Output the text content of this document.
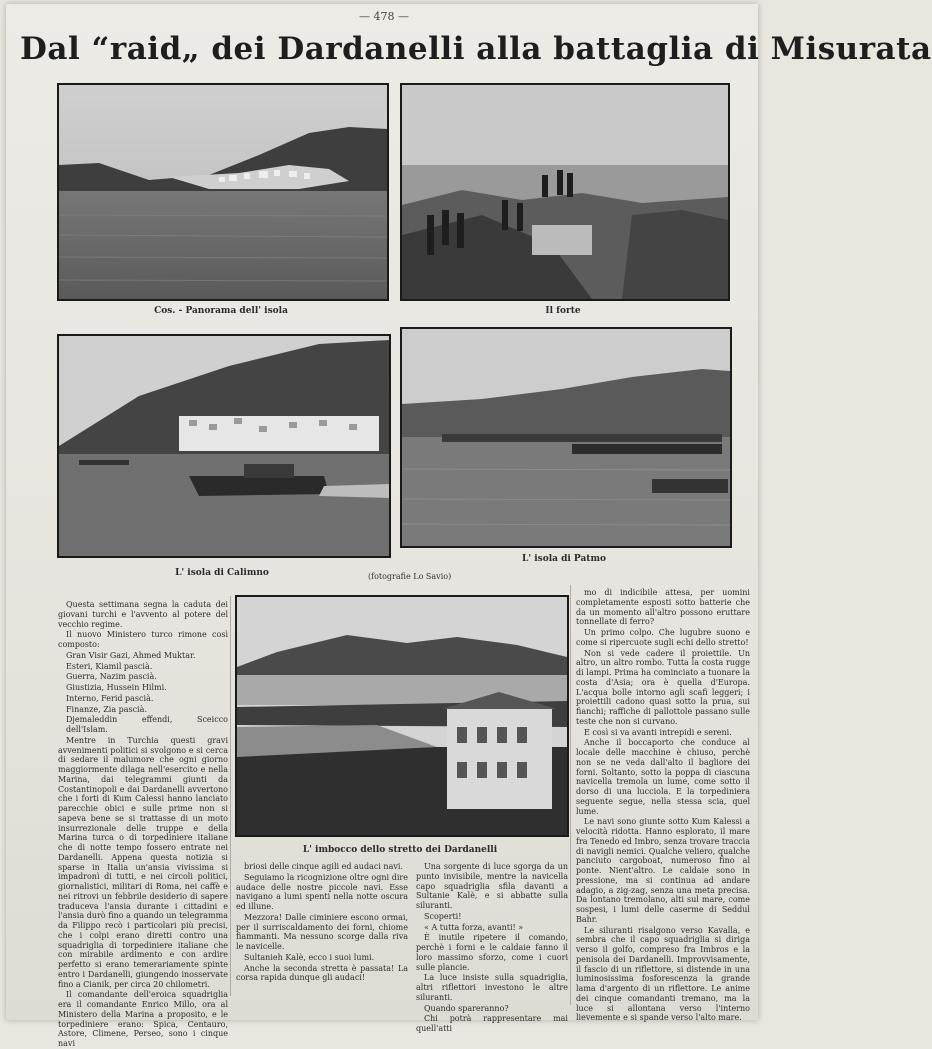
— 478 —
Dal “raid„ dei Dardanelli alla battaglia di Misurata
Cos. - Panorama dell' isola	Il forte
L' isola di Calimno
L' isola di Patmo
(fotografie Lo Savio)
L' imbocco dello stretto dei Dardanelli

Questa settimana segna la caduta dei giovani turchi e l'avvento al potere del vecchio regime.

Il nuovo Ministero turco rimone così composto:

Gran Visir Gazi, Ahmed Muktar.

Esteri, Kiamil pascià.

Guerra, Nazim pascià.

Giustizia, Hussein Hilmi.

Interno, Ferid pascià.

Finanze, Zia pascià.

Djemaleddin effendi, Sceicco dell'Islam.

Mentre in Turchia questi gravi avvenimenti politici si svolgono e si cerca di sedare il malumore che ogni giorno maggiormente dilaga nell'esercito e nella Marina, dai telegrammi giunti da Costantinopoli e dai Dardanelli avvertono che i forti di Kum Calessi hanno lanciato parecchie obici e sulle prime non si sapeva bene se si trattasse di un moto insurrezionale delle truppe e della Marina turca o di torpediniere italiane che di notte tempo fossero entrate nei Dardanelli. Appena questa notizia si sparse in Italia un'ansia vivissima si impadronì di tutti, e nei circoli politici, giornalistici, militari di Roma, nei caffè e nei ritrovi un febbrile desiderio di sapere traduceva l'ansia durante i cittadini e l'ansia durò fino a quando un telegramma da Filippo recò i particolari più precisi, che i colpi erano diretti contro una squadriglia di torpediniere italiane che con mirabile ardimento e con ardire perfetto si erano temerariamente spinte entro i Dardanelli, giungendo inosservate fino a Cianik, per circa 20 chilometri.

Il comandante dell'eroica squadriglia era il comandante Enrico Millo, ora al Ministero della Marina a proposito, e le torpediniere erano: Spica, Centauro, Astore, Climene, Perseo, sono i cinque navi

briosi delle cinque agili ed audaci navi.

Seguiamo la ricognizione oltre ogni dire audace delle nostre piccole navi. Esse navigano a lumi spenti nella notte oscura ed illune.

Mezzora! Dalle ciminiere escono ormai, per il surriscaldamento dei forni, chiome fiammanti. Ma nessuno scorge dalla riva le navicelle.

Sultanieh Kalè, ecco i suoi lumi.

Anche la seconda stretta è passata! La corsa rapida dunque gli audaci!

Una sorgente di luce sgorga da un punto invisibile, mentre la navicella capo squadriglia sfila davanti a Sultanie Kalè, e si abbatte sulla siluranti.

Scoperti!

« A tutta forza, avanti! »

È inutile ripetere il comando, perchè i forni e le caldaie fanno il loro massimo sforzo, come i cuori sulle plancie.

La luce insiste sulla squadriglia, altri riflettori investono le altre siluranti.

Quando spareranno?

Chi potrà rappresentare mai quell'atti

mo di indicibile attesa, per uomini completamente esposti sotto batterie che da un momento all'altro possono eruttare tonnellate di ferro?

Un primo colpo. Che lugubre suono e come si ripercuote sugli echi dello stretto!

Non si vede cadere il proiettile. Un altro, un altro rombo. Tutta la costa rugge di lampi. Prima ha cominciato a tuonare la costa d'Asia; ora è quella d'Europa. L'acqua bolle intorno agli scafi leggeri; i proiettili cadono quasi sotto la prua, sui fianchi; raffiche di pallottole passano sulle teste che non si curvano.

E così si va avanti intrepidi e sereni.

Anche il boccaporto che conduce al locale delle macchine è chiuso, perchè non se ne veda dall'alto il bagliore dei forni. Soltanto, sotto la poppa di ciascuna navicella tremola un lume, come sotto il dorso di una lucciola. E la torpediniera seguente segue, nella stessa scia, quel lume.

Le navi sono giunte sotto Kum Kalessi a velocità ridotta. Hanno esplorato, il mare fra Tenedo ed Imbro, senza trovare traccia di navigli nemici. Qualche veliero, qualche panciuto cargoboat, numeroso fino al ponte. Nient'altro. Le caldaie sono in pressione, ma si continua ad andare adagio, a zig-zag, senza una meta precisa. Da lontano tremolano, alti sul mare, come sospesi, i lumi delle caserme di Seddul Bahr.

Le siluranti risalgono verso Kavalla, e sembra che il capo squadriglia si diriga verso il golfo, compreso fra Imbros e la penisola dei Dardanelli. Improvvisamente, il fascio di un riflettore, si distende in una luminosissima fosforescenza la grande lama d'argento di un riflettore. Le anime dei cinque comandanti tremano, ma la luce si allontana verso l'interno lievemente e si spande verso l'alto mare.
